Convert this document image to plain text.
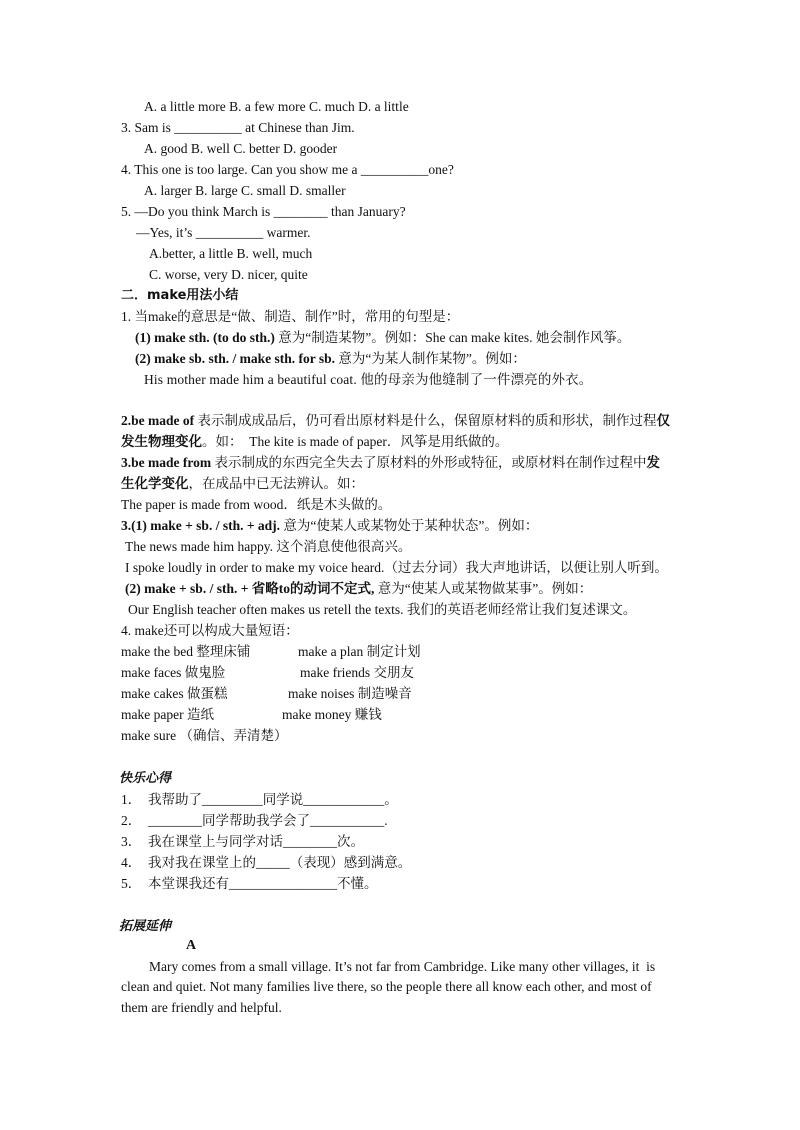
A. a little more B. a few more C. much D. a little
3. Sam is __________ at Chinese than Jim.
A. good B. well C. better D. gooder
4. This one is too large. Can you show me a __________one?
A. larger B. large C. small D. smaller
5. —Do you think March is ________ than January?
—Yes, it’s __________ warmer.
A.better, a little B. well, much
C. worse, very D. nicer, quite
二．make用法小结
1. 当make的意思是“做、制造、制作”时，常用的句型是：
(1) make sth. (to do sth.) 意为“制造某物”。例如：She can make kites. 她会制作风筝。
(2) make sb. sth. / make sth. for sb. 意为“为某人制作某物”。例如：
His mother made him a beautiful coat. 他的母亲为他缝制了一件漂亮的外衣。
2.be made of 表示制成成品后，仍可看出原材料是什么，保留原材料的质和形状，制作过程仅
发生物理变化。如：  The kite is made of paper．风筝是用纸做的。
3.be made from 表示制成的东西完全失去了原材料的外形或特征，或原材料在制作过程中发
生化学变化，在成品中已无法辨认。如：
The paper is made from wood．纸是木头做的。
3.(1) make + sb. / sth. + adj. 意为“使某人或某物处于某种状态”。例如：
The news made him happy. 这个消息使他很高兴。
I spoke loudly in order to make my voice heard.（过去分词）我大声地讲话，以便让别人听到。
(2) make + sb. / sth. + 省略to的动词不定式, 意为“使某人或某物做某事”。例如：
Our English teacher often makes us retell the texts. 我们的英语老师经常让我们复述课文。
4. make还可以构成大量短语：
make the bed 整理床铺	make a plan 制定计划
make faces 做鬼脸	make friends 交朋友
make cakes 做蛋糕	make noises 制造噪音
make paper 造纸	make money 赚钱
make sure （确信、弄清楚）
快乐心得
1．  我帮助了_________同学说____________。
2．  ________同学帮助我学会了___________.
3．  我在课堂上与同学对话________次。
4．  我对我在课堂上的_____（表现）感到满意。
5．  本堂课我还有________________不懂。
拓展延伸
A
Mary comes from a small village. It’s not far from Cambridge. Like many other villages, it  is
clean and quiet. Not many families live there, so the people there all know each other, and most of
them are friendly and helpful.
